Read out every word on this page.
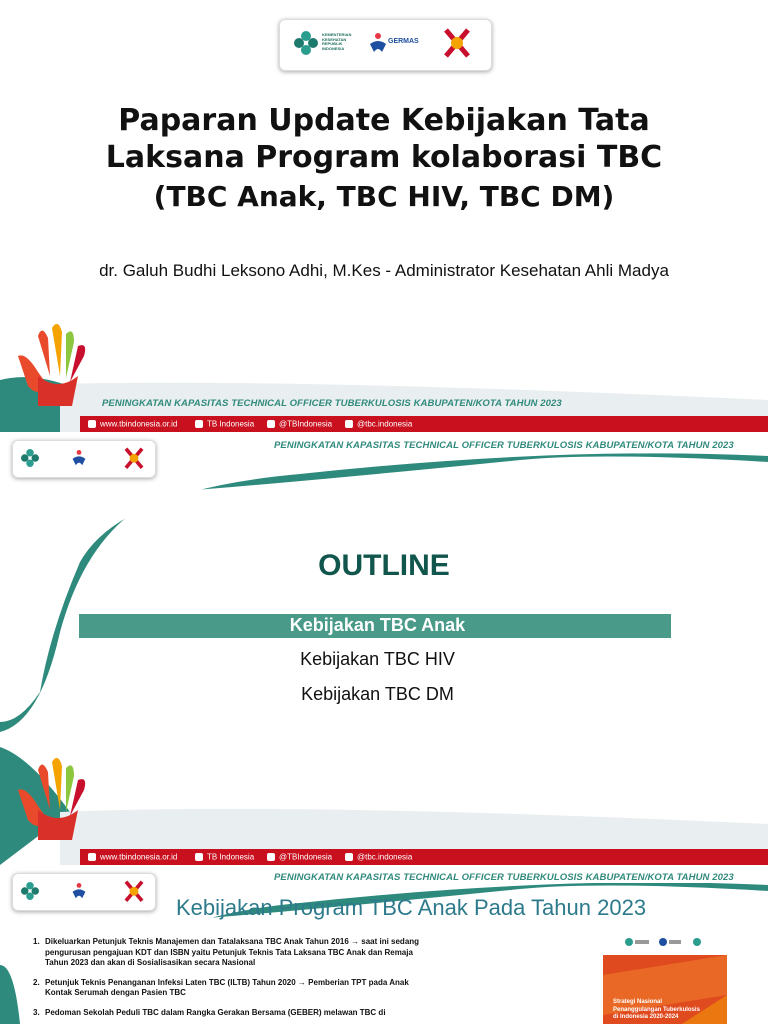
KEMENTERIAN KESEHATAN REPUBLIK INDONESIA
GERMAS
Paparan Update Kebijakan Tata
Laksana Program kolaborasi TBC
(TBC Anak, TBC HIV, TBC DM)
dr. Galuh Budhi Leksono Adhi, M.Kes - Administrator Kesehatan Ahli Madya
PENINGKATAN KAPASITAS TECHNICAL OFFICER TUBERKULOSIS KABUPATEN/KOTA TAHUN 2023
www.tbindonesia.or.id	TB Indonesia	@TBIndonesia	@tbc.indonesia
PENINGKATAN KAPASITAS TECHNICAL OFFICER TUBERKULOSIS KABUPATEN/KOTA TAHUN 2023
OUTLINE
Kebijakan TBC Anak
Kebijakan TBC HIV
Kebijakan TBC DM
www.tbindonesia.or.id	TB Indonesia	@TBIndonesia	@tbc.indonesia
PENINGKATAN KAPASITAS TECHNICAL OFFICER TUBERKULOSIS KABUPATEN/KOTA TAHUN 2023
Kebijakan Program TBC Anak Pada Tahun 2023
1. Dikeluarkan Petunjuk Teknis Manajemen dan Tatalaksana TBC Anak Tahun 2016 → saat ini sedang pengurusan pengajuan KDT dan ISBN yaitu Petunjuk Teknis Tata Laksana TBC Anak dan Remaja Tahun 2023 dan akan di Sosialisasikan secara Nasional
2. Petunjuk Teknis Penanganan Infeksi Laten TBC (ILTB) Tahun 2020 → Pemberian TPT pada Anak Kontak Serumah dengan Pasien TBC
3. Pedoman Sekolah Peduli TBC dalam Rangka Gerakan Bersama (GEBER) melawan TBC di
Strategi Nasional Penanggulangan Tuberkulosis di Indonesia 2020-2024
